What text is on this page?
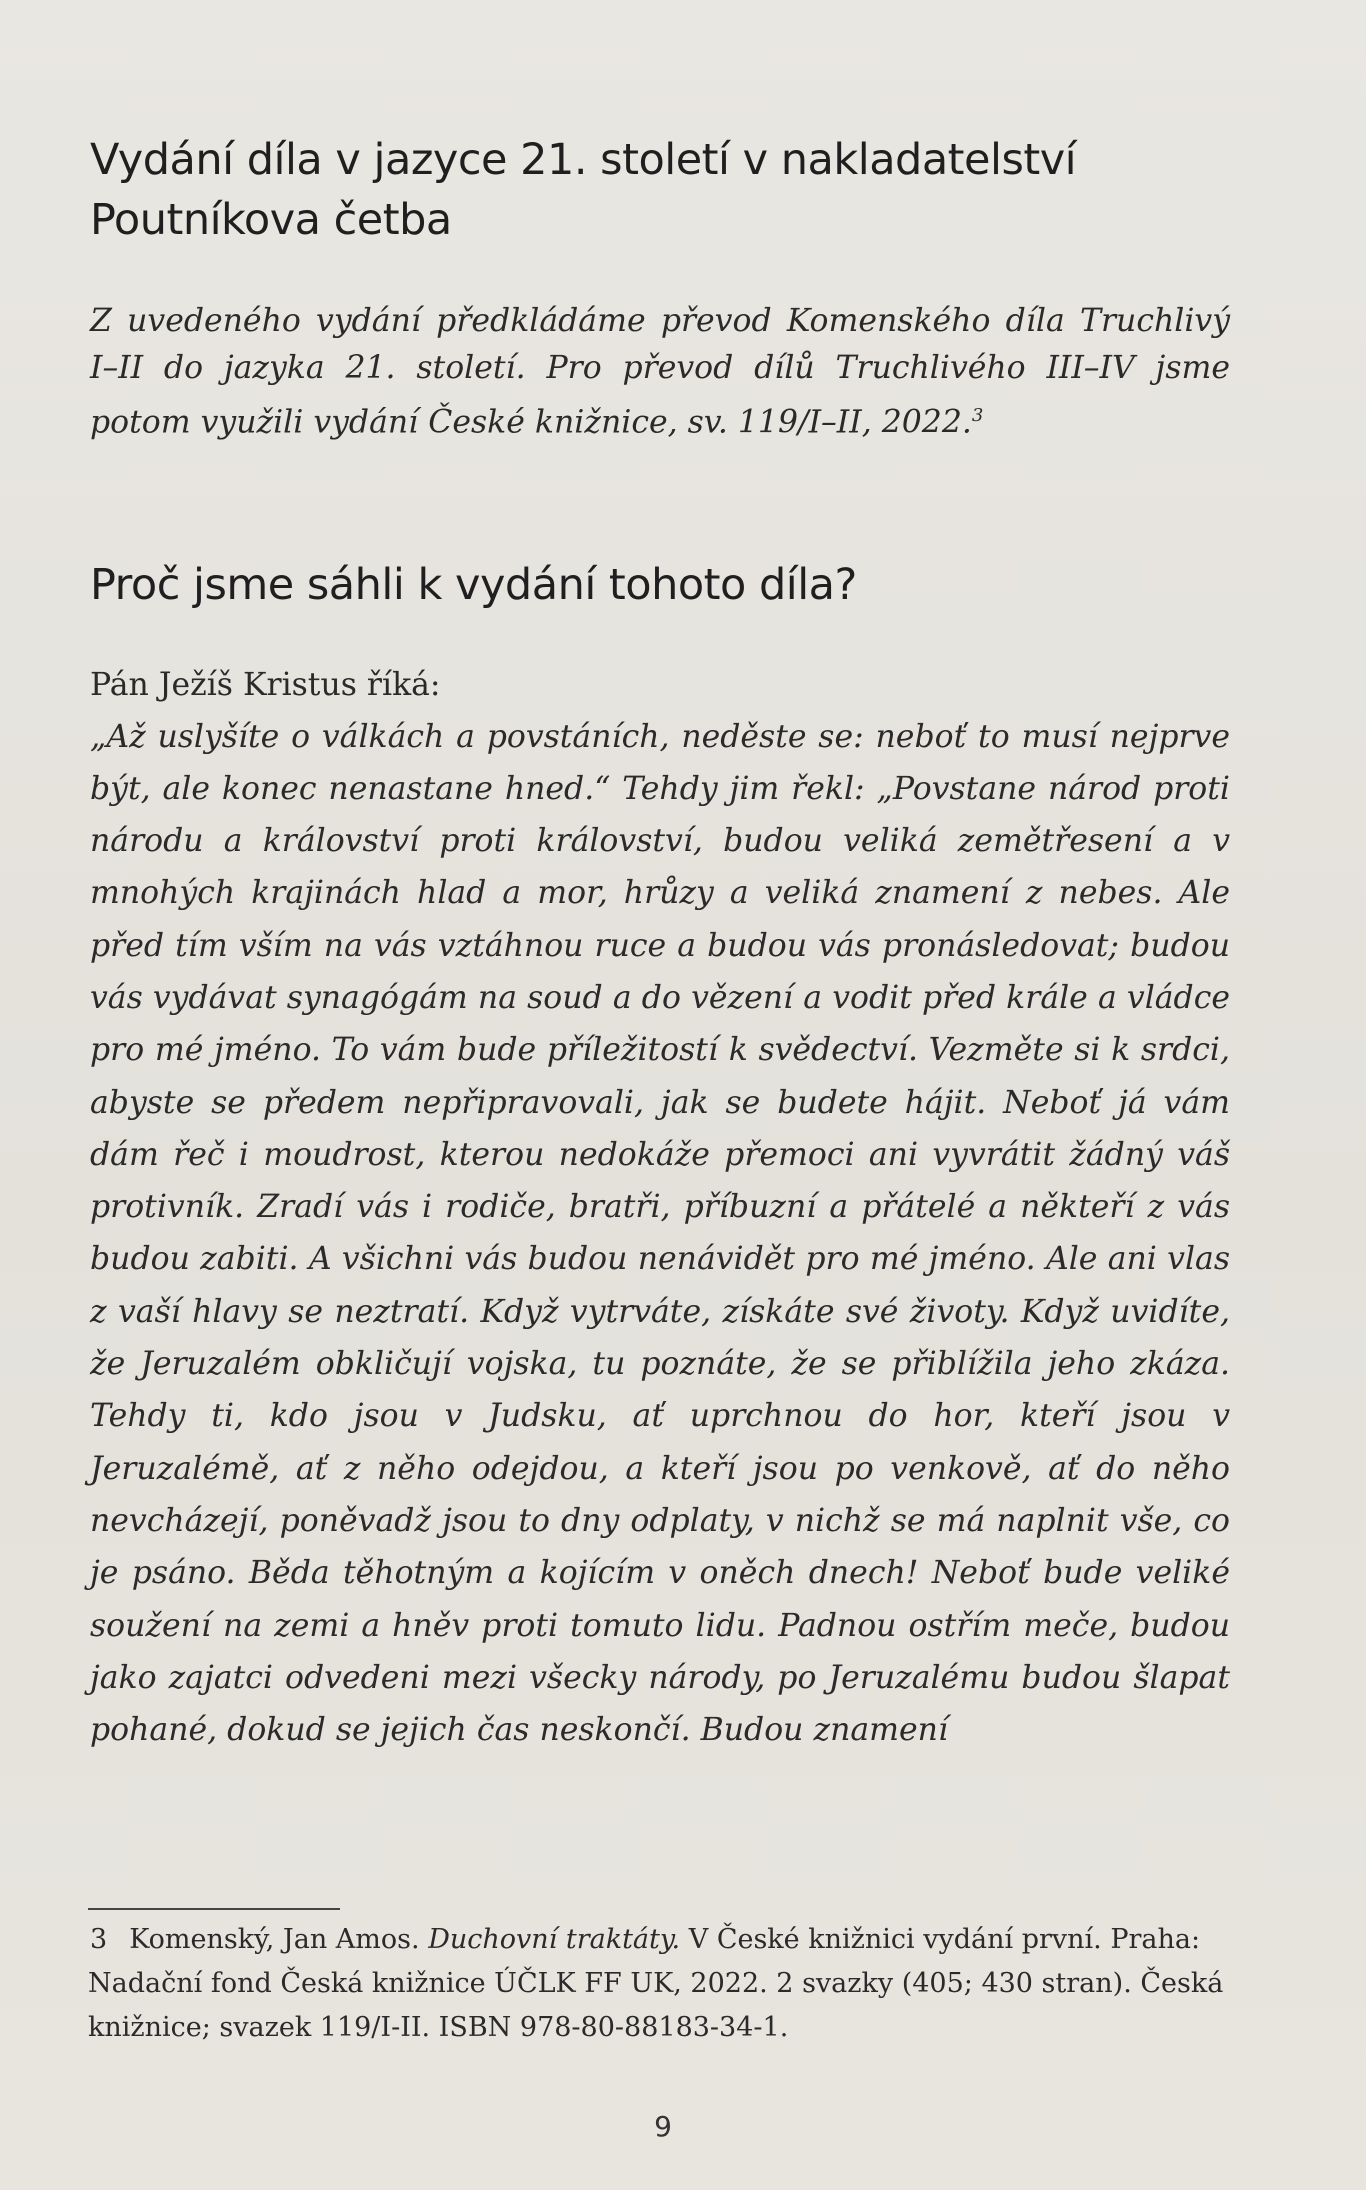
Vydání díla v jazyce 21. století v nakladatelství Poutníkova četba

Z uvedeného vydání předkládáme převod Komenského díla Truchlivý I–II do jazyka 21. století. Pro převod dílů Truchlivého III–IV jsme potom využili vydání České knižnice, sv. 119/I–II, 2022.$^3$

Proč jsme sáhli k vydání tohoto díla?
Pán Ježíš Kristus říká:
„Až uslyšíte o válkách a povstáních, neděste se: neboť to musí nejprve být, ale konec nenastane hned.“ Tehdy jim řekl: „Povstane národ proti národu a království proti království, budou veliká zemětřesení a v mnohých krajinách hlad a mor, hrůzy a veliká znamení z nebes. Ale před tím vším na vás vztáhnou ruce a budou vás pronásledovat; budou vás vydávat synagógám na soud a do vězení a vodit před krále a vládce pro mé jméno. To vám bude příležitostí k svědectví. Vezměte si k srdci, abyste se předem nepřipravovali, jak se budete hájit. Neboť já vám dám řeč i moudrost, kterou nedokáže přemoci ani vyvrátit žádný váš protivník. Zradí vás i rodiče, bratři, příbuzní a přátelé a někteří z vás budou zabiti. A všichni vás budou nenávidět pro mé jméno. Ale ani vlas z vaší hlavy se neztratí. Když vytrváte, získáte své životy. Když uvidíte, že Jeruzalém obkličují vojska, tu poznáte, že se přiblížila jeho zkáza. Tehdy ti, kdo jsou v Judsku, ať uprchnou do hor, kteří jsou v Jeruzalémě, ať z něho odejdou, a kteří jsou po venkově, ať do něho nevcházejí, poněvadž jsou to dny odplaty, v nichž se má naplnit vše, co je psáno. Běda těhotným a kojícím v oněch dnech! Neboť bude veliké soužení na zemi a hněv proti tomuto lidu. Padnou ostřím meče, budou jako zajatci odvedeni mezi všecky národy, po Jeruzalému budou šlapat pohané, dokud se jejich čas neskončí. Budou znamení
3 Komenský, Jan Amos. Duchovní traktáty. V České knižnici vydání první. Praha: Nadační fond Česká knižnice ÚČLK FF UK, 2022. 2 svazky (405; 430 stran). Česká knižnice; svazek 119/I-II. ISBN 978-80-88183-34-1.
9
